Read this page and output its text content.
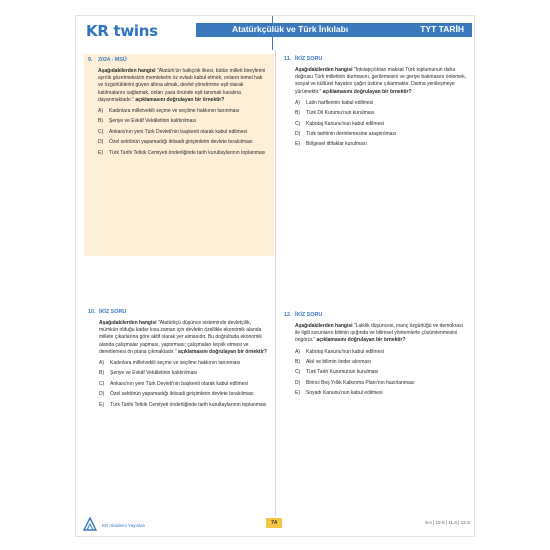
KR twins	Atatürkçülük ve Türk İnkılabı	TYT TARİH
9. 2024 - MSÜ

Aşağıdakilerden hangisi "Atatürk'ün halkçılık ilkesi, bütün milleti bireylerini ayrılık gözetmeksizin memleketin öz evladı kabul etmek, onların temel hak ve özgürlüklerini güven altına almak, devlet yönetimine eşit olarak katılmalarını sağlamak, onları yasa önünde eşit tanımak kuralına dayanmaktadır." açıklamasını doğrulayan bir örnektir?

A)	Kadınlara milletvekili seçme ve seçilme hakkının tanınması
B)	Şeriye ve Evkâf Vekâletinin kaldırılması
C)	Ankara'nın yeni Türk Devleti'nin başkenti olarak kabul edilmesi
D)	Özel sektörün yapamadığı iktisadi girişimlerin devlete bırakılması
E)	Türk Tarihi Tetkik Cemiyeti önderliğinde tarih kurultaylarının toplanması
11. İKİZ SORU

Aşağıdakilerden hangisi "İnkılapçılıktan maksat Türk toplumunun daha doğrusu Türk milletinin durmasını, gerilemesini ve geriye bakmasını önlemek, sosyal ve kültürel hayatını çağın üstüne çıkarmaktır. Daima yenileşmeye yürümektir." açıklamasını doğrulayan bir örnektir?

A)	Latin harflerinin kabul edilmesi
B)	Türk Dil Kurumu'nun kurulması
C)	Kabotaj Kanunu'nun kabul edilmesi
D)	Türk tarihinin derinlemesine araştırılması
E)	Bölgesel ittifaklar kurulması
10. İKİZ SORU

Aşağıdakilerden hangisi "Atatürkçü düşünce sisteminde devletçilik, mümkün olduğu kadar kısa zaman için devletin özellikle ekonomik alanda millete çıkarlarına göre aktif olarak yer almasıdır. Bu doğrultuda ekonomik alanda çalışmalar yapması, yaptırması; çalışmaları teşvik etmesi ve denetlemesi ön plana çıkmaktadır." açıklamasını doğrulayan bir örnektir?

A)	Kadınlara milletvekili seçme ve seçilme hakkının tanınması
B)	Şeriye ve Evkâf Vekâletinin kaldırılması
C)	Ankara'nın yeni Türk Devleti'nin başkenti olarak kabul edilmesi
D)	Özel sektörün yapamadığı iktisadi girişimlerin devlete bırakılması
E)	Türk Tarihi Tetkik Cemiyeti önderliğinde tarih kurultaylarının toplanması
12. İKİZ SORU

Aşağıdakilerden hangisi "Laiklik düşüncesi, inanç özgürlüğü ve demokrasi ile ilgili sorunların bilimin ışığında ve bilimsel yöntemlerle çözümlenmesini öngörür." açıklamasını doğrulayan bir örnektir?

A)	Kabotaj Kanunu'nun kabul edilmesi
B)	Akıl ve bilimin önder alınması
C)	Türk Tarih Kurumunun kurulması
D)	Birinci Beş Yıllık Kalkınma Planı'nın hazırlanması
E)	Soyadı Kanunu'nun kabul edilmesi
KR Akademi Yayınları	74	9.A | 10.S | 11.A | 12.S
